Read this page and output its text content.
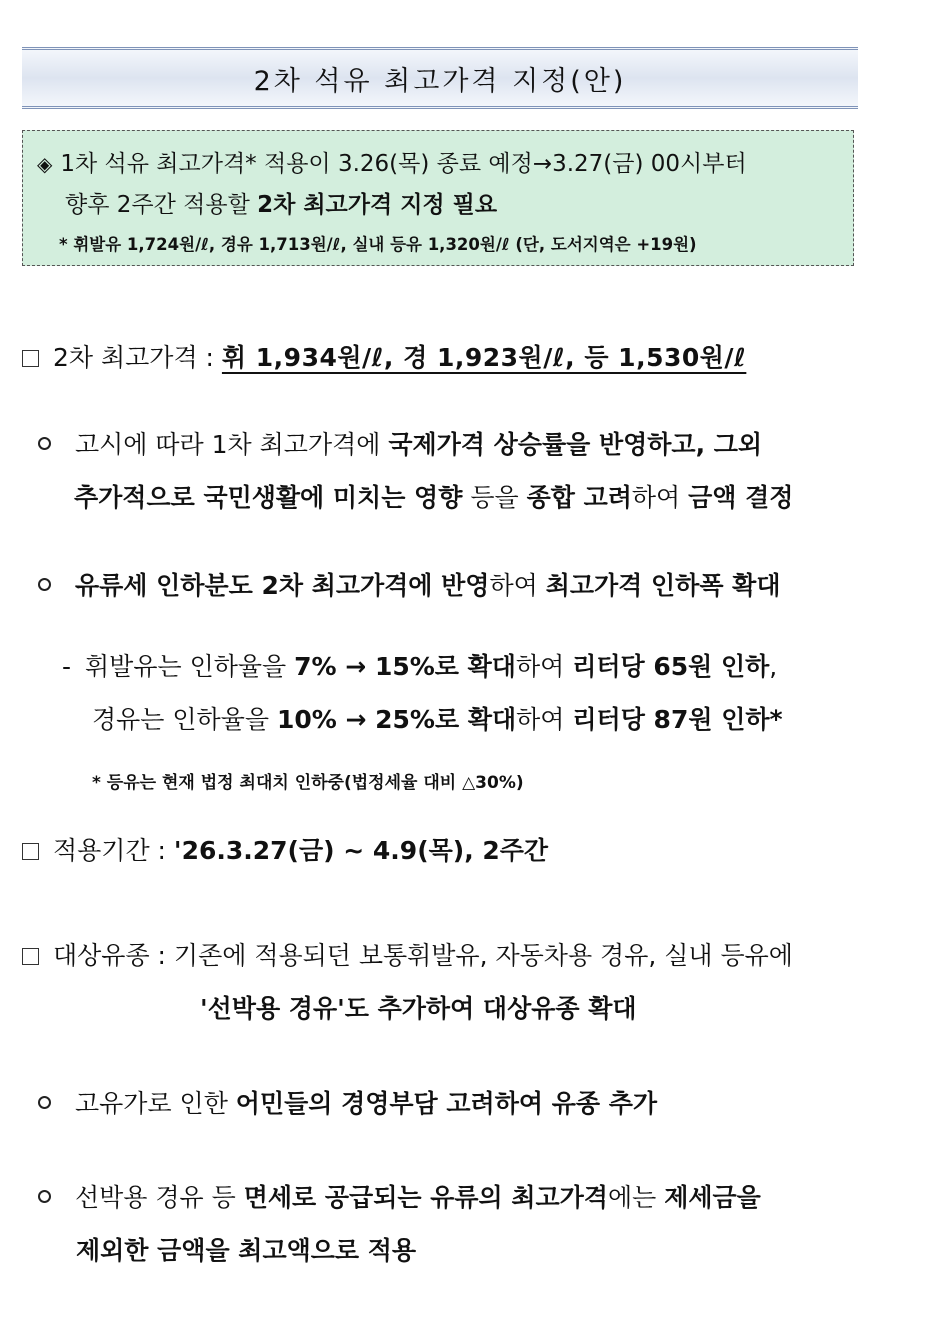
2차 석유 최고가격 지정(안)
◈ 1차 석유 최고가격* 적용이 3.26(목) 종료 예정→3.27(금) 00시부터
향후 2주간 적용할 2차 최고가격 지정 필요
* 휘발유 1,724원/ℓ, 경유 1,713원/ℓ, 실내 등유 1,320원/ℓ (단, 도서지역은 +19원)
2차 최고가격 : 휘 1,934원/ℓ, 경 1,923원/ℓ, 등 1,530원/ℓ
고시에 따라 1차 최고가격에 국제가격 상승률을 반영하고, 그외
추가적으로 국민생활에 미치는 영향 등을 종합 고려하여 금액 결정
유류세 인하분도 2차 최고가격에 반영하여 최고가격 인하폭 확대
- 휘발유는 인하율을 7% → 15%로 확대하여 리터당 65원 인하,
경유는 인하율을 10% → 25%로 확대하여 리터당 87원 인하*
* 등유는 현재 법정 최대치 인하중(법정세율 대비 △30%)
적용기간 : '26.3.27(금) ~ 4.9(목), 2주간
대상유종 : 기존에 적용되던 보통휘발유, 자동차용 경유, 실내 등유에
'선박용 경유'도 추가하여 대상유종 확대
고유가로 인한 어민들의 경영부담 고려하여 유종 추가
선박용 경유 등 면세로 공급되는 유류의 최고가격에는 제세금을
제외한 금액을 최고액으로 적용
